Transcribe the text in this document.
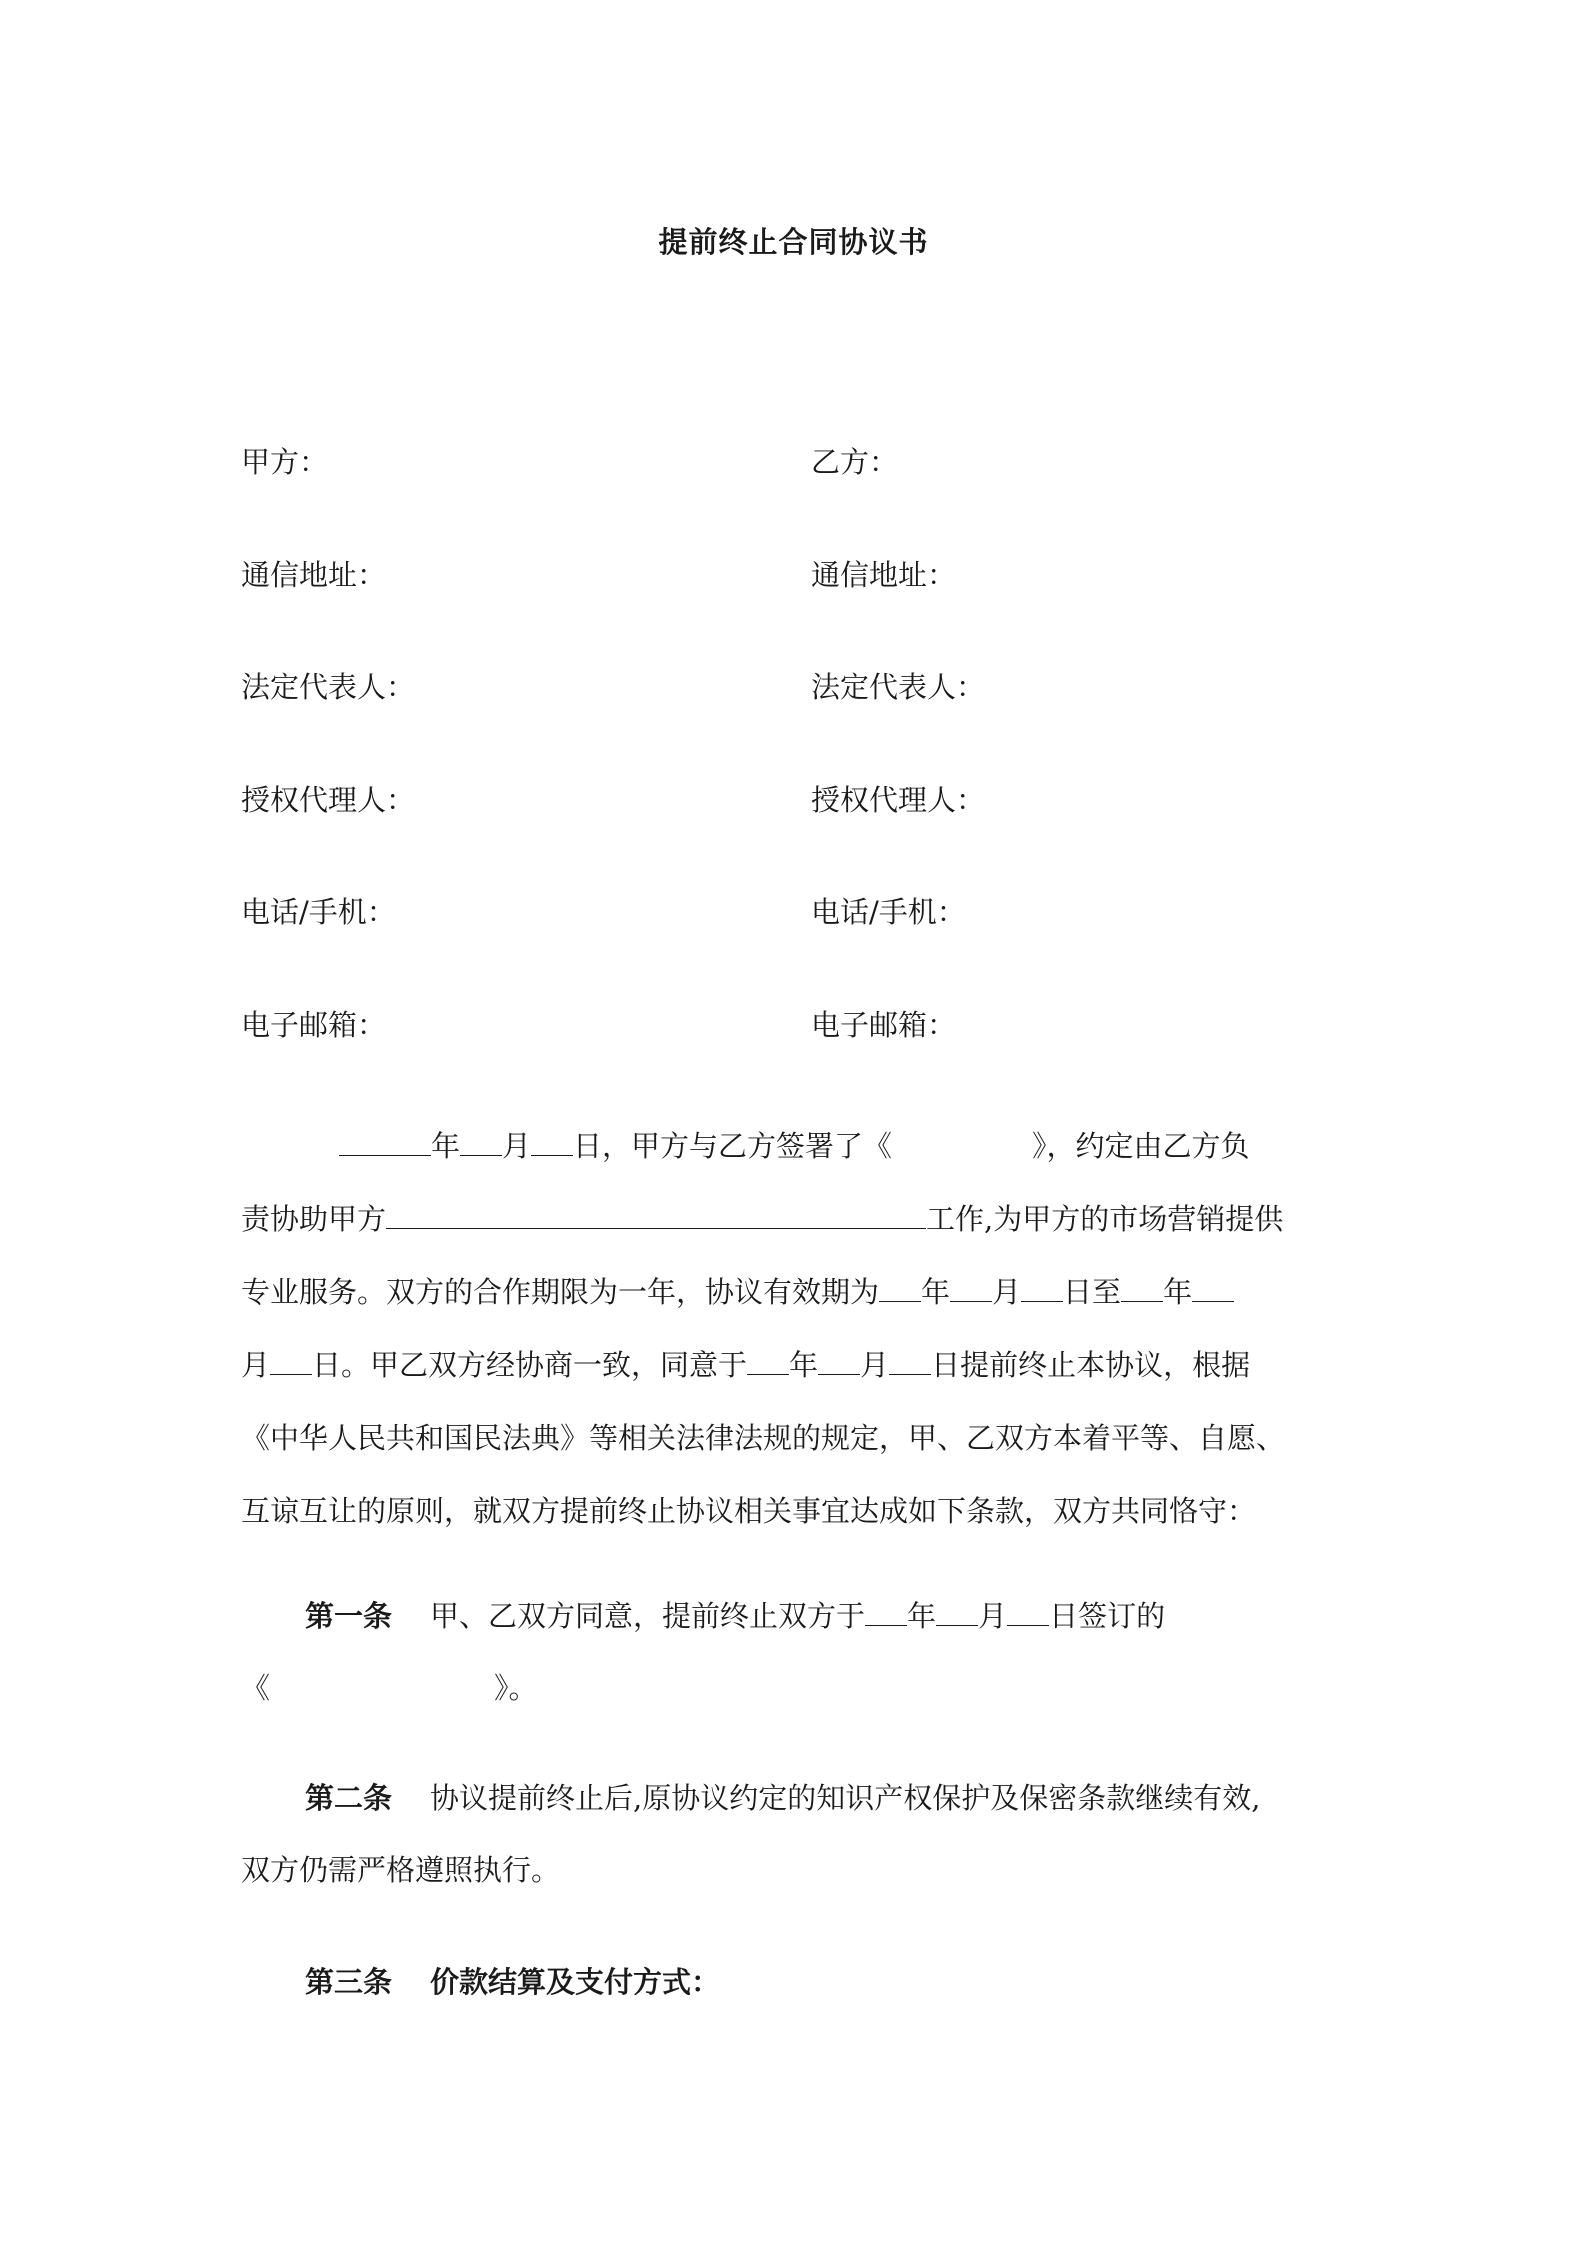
提前终止合同协议书
甲方：	乙方：
通信地址：	通信地址：
法定代表人：	法定代表人：
授权代理人：	授权代理人：
电话/手机：	电话/手机：
电子邮箱：	电子邮箱：
年 月 日，甲方与乙方签署了《	》，约定由乙方负
责协助甲方	工作,为甲方的市场营销提供
专业服务。双方的合作期限为一年，协议有效期为 年 月 日至 年
月 日。甲乙双方经协商一致，同意于 年 月 日提前终止本协议，根据
《中华人民共和国民法典》等相关法律法规的规定，甲、乙双方本着平等、自愿、
互谅互让的原则，就双方提前终止协议相关事宜达成如下条款，双方共同恪守：
第一条 甲、乙双方同意，提前终止双方于 年 月 日签订的
《	》。
第二条 协议提前终止后,原协议约定的知识产权保护及保密条款继续有效,
双方仍需严格遵照执行。
第三条 价款结算及支付方式：
